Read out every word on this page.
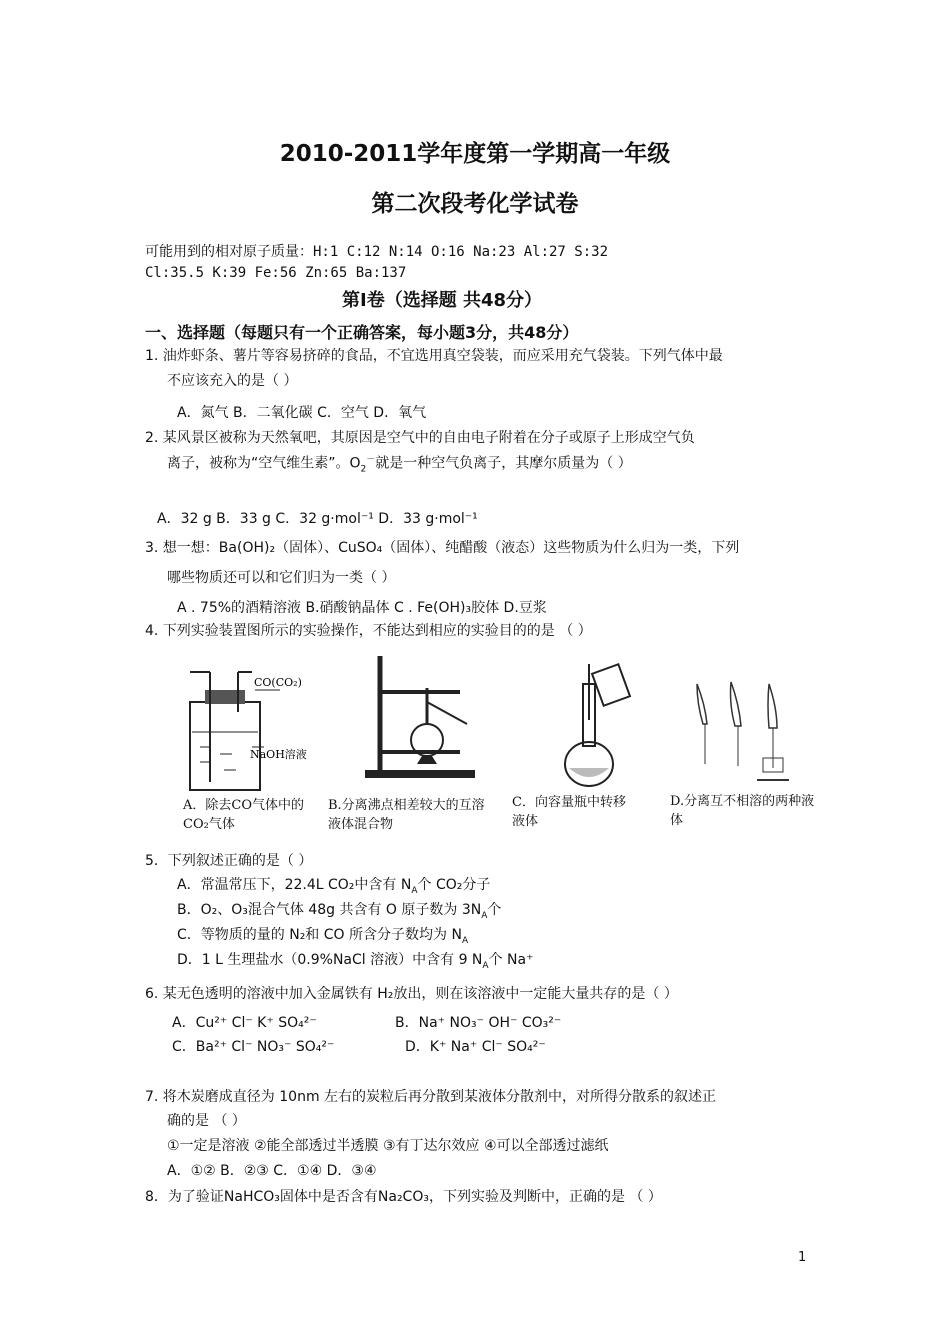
2010-2011学年度第一学期高一年级
第二次段考化学试卷
可能用到的相对原子质量：H:1 C:12 N:14 O:16 Na:23 Al:27 S:32
Cl:35.5 K:39 Fe:56 Zn:65 Ba:137
第Ⅰ卷（选择题 共48分）
一、选择题（每题只有一个正确答案，每小题3分，共48分）
1. 油炸虾条、薯片等容易挤碎的食品，不宜选用真空袋装，而应采用充气袋装。下列气体中最
不应该充入的是（ ）
A．氮气 B．二氧化碳 C．空气 D．氧气
2. 某风景区被称为天然氧吧，其原因是空气中的自由电子附着在分子或原子上形成空气负
离子，被称为“空气维生素”。$O_2^-$就是一种空气负离子，其摩尔质量为（ ）
A．32 g B．33 g C．32 g·mol⁻¹ D．33 g·mol⁻¹
3. 想一想：Ba(OH)₂（固体）、CuSO₄（固体）、纯醋酸（液态）这些物质为什么归为一类，下列
哪些物质还可以和它们归为一类（ ）
A . 75%的酒精溶液 B.硝酸钠晶体 C . Fe(OH)₃胶体 D.豆浆
4. 下列实验装置图所示的实验操作，不能达到相应的实验目的的是 （ ）
CO(CO₂)
NaOH溶液
A．除去CO气体中的CO₂气体
B.分离沸点相差较大的互溶液体混合物
C．向容量瓶中转移液体
D.分离互不相溶的两种液体
5．下列叙述正确的是（ ）
A．常温常压下，22.4L CO₂中含有 $N_A$个 CO₂分子
B．O₂、O₃混合气体 48g 共含有 O 原子数为 $3N_A$个
C．等物质的量的 N₂和 CO 所含分子数均为 $N_A$
D．1 L 生理盐水（0.9%NaCl 溶液）中含有 9 $N_A$个 Na⁺
6. 某无色透明的溶液中加入金属铁有 H₂放出，则在该溶液中一定能大量共存的是（ ）
A．Cu²⁺ Cl⁻ K⁺ SO₄²⁻	B．Na⁺ NO₃⁻ OH⁻ CO₃²⁻
C．Ba²⁺ Cl⁻ NO₃⁻ SO₄²⁻	D．K⁺ Na⁺ Cl⁻ SO₄²⁻
7. 将木炭磨成直径为 10nm 左右的炭粒后再分散到某液体分散剂中，对所得分散系的叙述正
确的是 （ ）
①一定是溶液 ②能全部透过半透膜 ③有丁达尔效应 ④可以全部透过滤纸
A．①② B．②③ C．①④ D．③④
8．为了验证NaHCO₃固体中是否含有Na₂CO₃，下列实验及判断中，正确的是 （ ）
1
